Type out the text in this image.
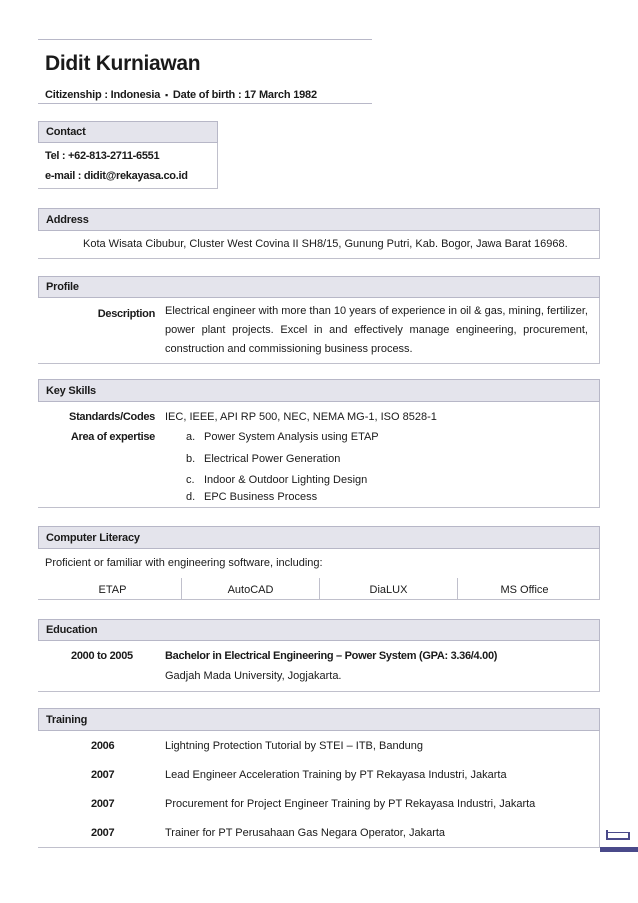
Didit Kurniawan
Citizenship : Indonesia ▪ Date of birth : 17 March 1982
Contact
Tel : +62-813-2711-6551
e-mail : didit@rekayasa.co.id
Address
Kota Wisata Cibubur, Cluster West Covina II SH8/15, Gunung Putri, Kab. Bogor, Jawa Barat 16968.
Profile
Description Electrical engineer with more than 10 years of experience in oil & gas, mining, fertilizer, power plant projects. Excel in and effectively manage engineering, procurement, construction and commissioning business process.
Key Skills
Standards/Codes IEC, IEEE, API RP 500, NEC, NEMA MG-1, ISO 8528-1
Area of expertise	a. Power System Analysis using ETAP
b. Electrical Power Generation
c. Indoor & Outdoor Lighting Design
d. EPC Business Process
Computer Literacy
Proficient or familiar with engineering software, including:
ETAP	AutoCAD	DiaLUX	MS Office
Education
2000 to 2005	Bachelor in Electrical Engineering – Power System (GPA: 3.36/4.00)
Gadjah Mada University, Jogjakarta.
Training
2006	Lightning Protection Tutorial by STEI – ITB, Bandung
2007	Lead Engineer Acceleration Training by PT Rekayasa Industri, Jakarta
2007	Procurement for Project Engineer Training by PT Rekayasa Industri, Jakarta
2007	Trainer for PT Perusahaan Gas Negara Operator, Jakarta
